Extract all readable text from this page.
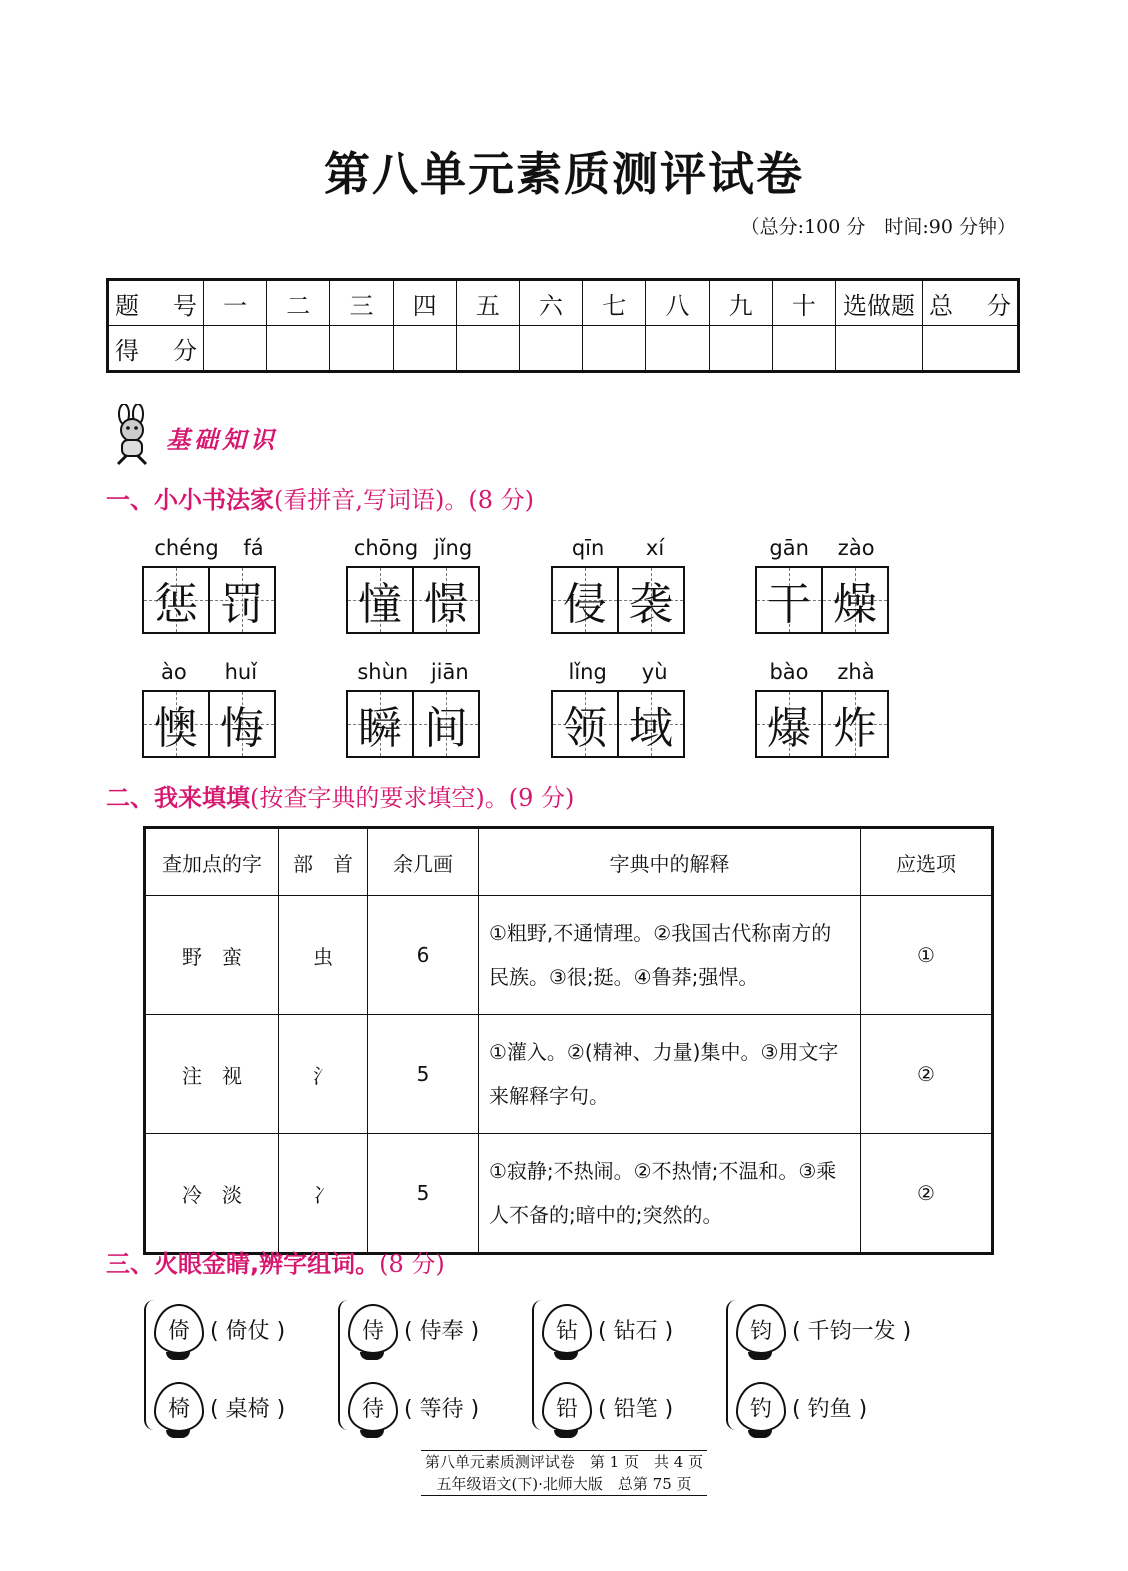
第八单元素质测评试卷
（总分:100 分　时间:90 分钟）
题　号	一	二	三	四	五	六	七	八	九	十	选做题	总　分
得　分												
基础知识
一、小小书法家(看拼音,写词语)。(8 分)
chéng fá
惩 罚
chōng jǐng
憧 憬
qīn xí
侵 袭
gān zào
干 燥
ào huǐ
懊 悔
shùn jiān
瞬 间
lǐng yù
领 域
bào zhà
爆 炸
二、我来填填(按查字典的要求填空)。(9 分)
查加点的字	部　首	余几画	字典中的解释	应选项
野　蛮	虫	6	①粗野,不通情理。②我国古代称南方的民族。③很;挺。④鲁莽;强悍。	①
注　视	氵	5	①灌入。②(精神、力量)集中。③用文字来解释字句。	②
冷　淡	冫	5	①寂静;不热闹。②不热情;不温和。③乘人不备的;暗中的;突然的。	②
三、火眼金睛,辨字组词。(8 分)
倚 ( 倚仗 )
椅 ( 桌椅 )
侍 ( 侍奉 )
待 ( 等待 )
钻 ( 钻石 )
铅 ( 铅笔 )
钧 ( 千钧一发 )
钓 ( 钓鱼 )
第八单元素质测评试卷　第 1 页　共 4 页
五年级语文(下)·北师大版　总第 75 页
